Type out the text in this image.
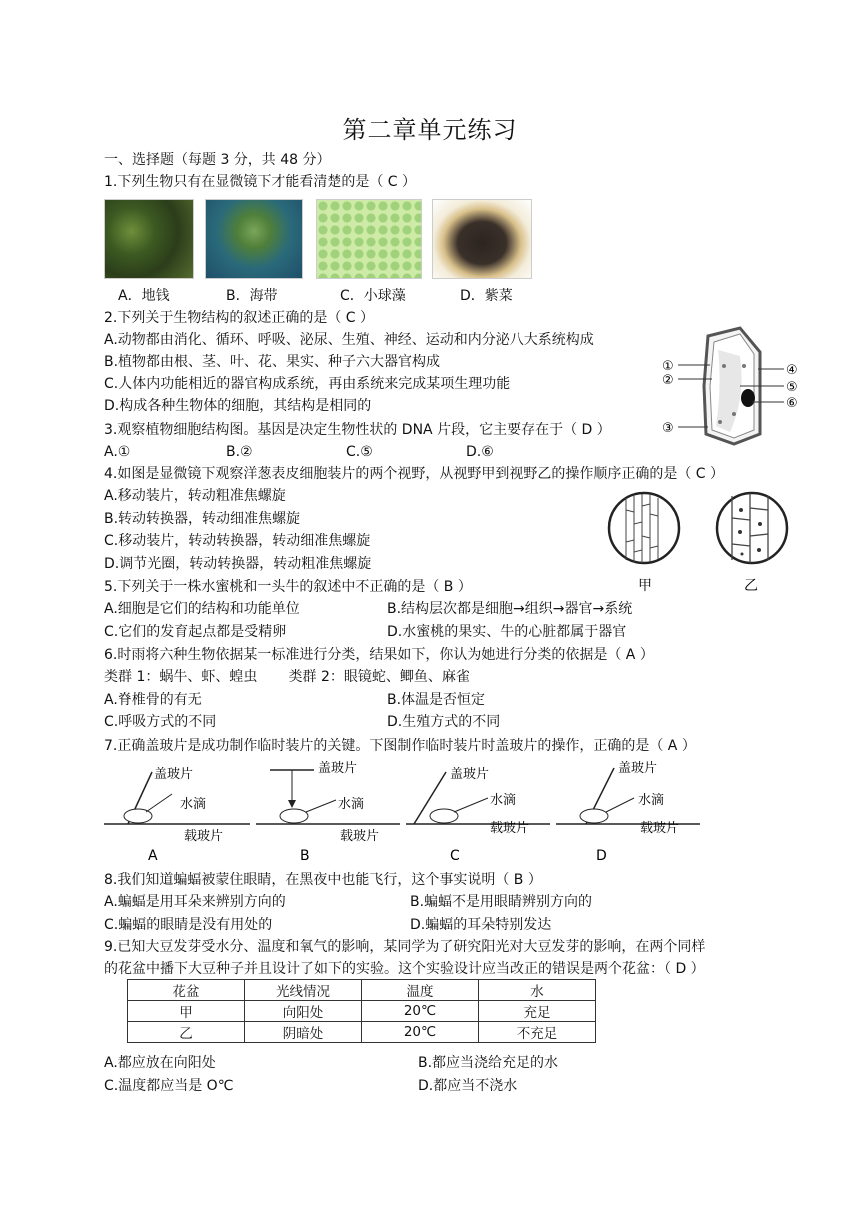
第二章单元练习
一、选择题（每题 3 分，共 48 分）
1.下列生物只有在显微镜下才能看清楚的是（ C ）
A．地钱	B．海带	C．小球藻	D．紫菜
2.下列关于生物结构的叙述正确的是（ C ）
A.动物都由消化、循环、呼吸、泌尿、生殖、神经、运动和内分泌八大系统构成
B.植物都由根、茎、叶、花、果实、种子六大器官构成
C.人体内功能相近的器官构成系统，再由系统来完成某项生理功能
D.构成各种生物体的细胞，其结构是相同的
①
②
③
④
⑤
⑥
3.观察植物细胞结构图。基因是决定生物性状的 DNA 片段，它主要存在于（ D ）
A.①	B.②	C.⑤	D.⑥
4.如图是显微镜下观察洋葱表皮细胞装片的两个视野，从视野甲到视野乙的操作顺序正确的是（ C ）
A.移动装片，转动粗准焦螺旋
B.转动转换器，转动细准焦螺旋
C.移动装片，转动转换器，转动细准焦螺旋
D.调节光圈，转动转换器，转动粗准焦螺旋
甲	乙
5.下列关于一株水蜜桃和一头牛的叙述中不正确的是（ B ）
A.细胞是它们的结构和功能单位	B.结构层次都是细胞→组织→器官→系统
C.它们的发育起点都是受精卵	D.水蜜桃的果实、牛的心脏都属于器官
6.时雨将六种生物依据某一标准进行分类，结果如下，你认为她进行分类的依据是（ A ）
类群 1：蜗牛、虾、蝗虫       类群 2：眼镜蛇、鲫鱼、麻雀
A.脊椎骨的有无	B.体温是否恒定
C.呼吸方式的不同	D.生殖方式的不同
7.正确盖玻片是成功制作临时装片的关键。下图制作临时装片时盖玻片的操作，正确的是（ A ）
盖玻片
水滴
载玻片
A
盖玻片
水滴
载玻片
B
盖玻片
水滴
载玻片
C
盖玻片
水滴
载玻片
D
8.我们知道蝙蝠被蒙住眼睛，在黑夜中也能飞行，这个事实说明（ B ）
A.蝙蝠是用耳朵来辨别方向的	B.蝙蝠不是用眼睛辨别方向的
C.蝙蝠的眼睛是没有用处的	D.蝙蝠的耳朵特别发达
9.已知大豆发芽受水分、温度和氧气的影响，某同学为了研究阳光对大豆发芽的影响，在两个同样
的花盆中播下大豆种子并且设计了如下的实验。这个实验设计应当改正的错误是两个花盆：（ D ）
花盆	光线情况	温度	水
甲	向阳处	20℃	充足
乙	阴暗处	20℃	不充足
A.都应放在向阳处	B.都应当浇给充足的水
C.温度都应当是 O℃	D.都应当不浇水
